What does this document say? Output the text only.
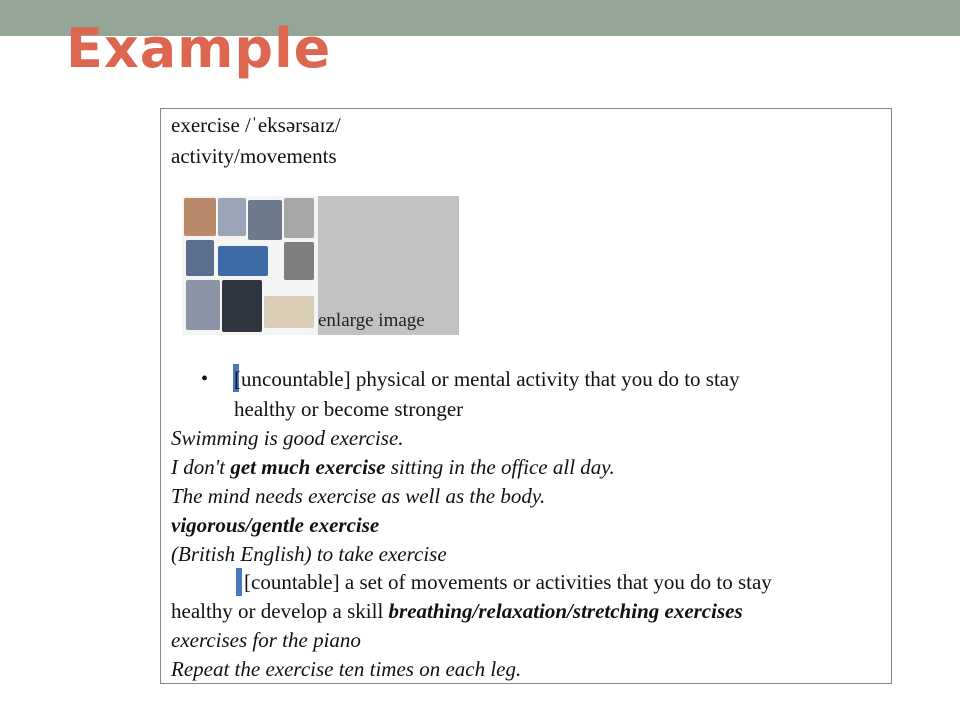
Example
exercise /ˈeksərsaɪz/
activity/movements
enlarge image
• [uncountable] physical or mental activity that you do to stay
healthy or become stronger
Swimming is good exercise.
I don't get much exercise sitting in the office all day.
The mind needs exercise as well as the body.
vigorous/gentle exercise
(British English) to take exercise
[countable] a set of movements or activities that you do to stay
healthy or develop a skill breathing/relaxation/stretching exercises
exercises for the piano
Repeat the exercise ten times on each leg.
